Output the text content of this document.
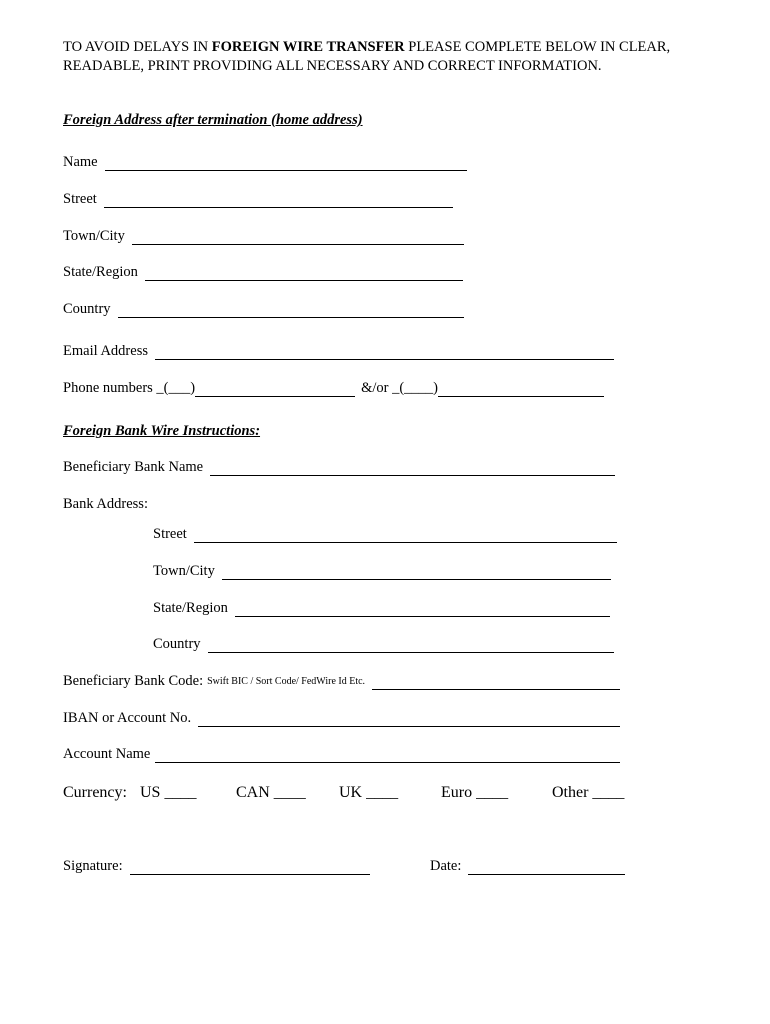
TO AVOID DELAYS IN FOREIGN WIRE TRANSFER PLEASE COMPLETE BELOW IN CLEAR, READABLE, PRINT PROVIDING ALL NECESSARY AND CORRECT INFORMATION.
Foreign Address after termination (home address)
Name
Street
Town/City
State/Region
Country
Email Address
Phone numbers _(___)	&/or _(____)
Foreign Bank Wire Instructions:
Beneficiary Bank Name
Bank Address:
Street
Town/City
State/Region
Country
Beneficiary Bank Code: Swift BIC / Sort Code/ FedWire Id Etc.
IBAN or Account No.
Account Name
Currency: US ____ CAN ____ UK ____	Euro ____	Other ____
Signature:	Date:
